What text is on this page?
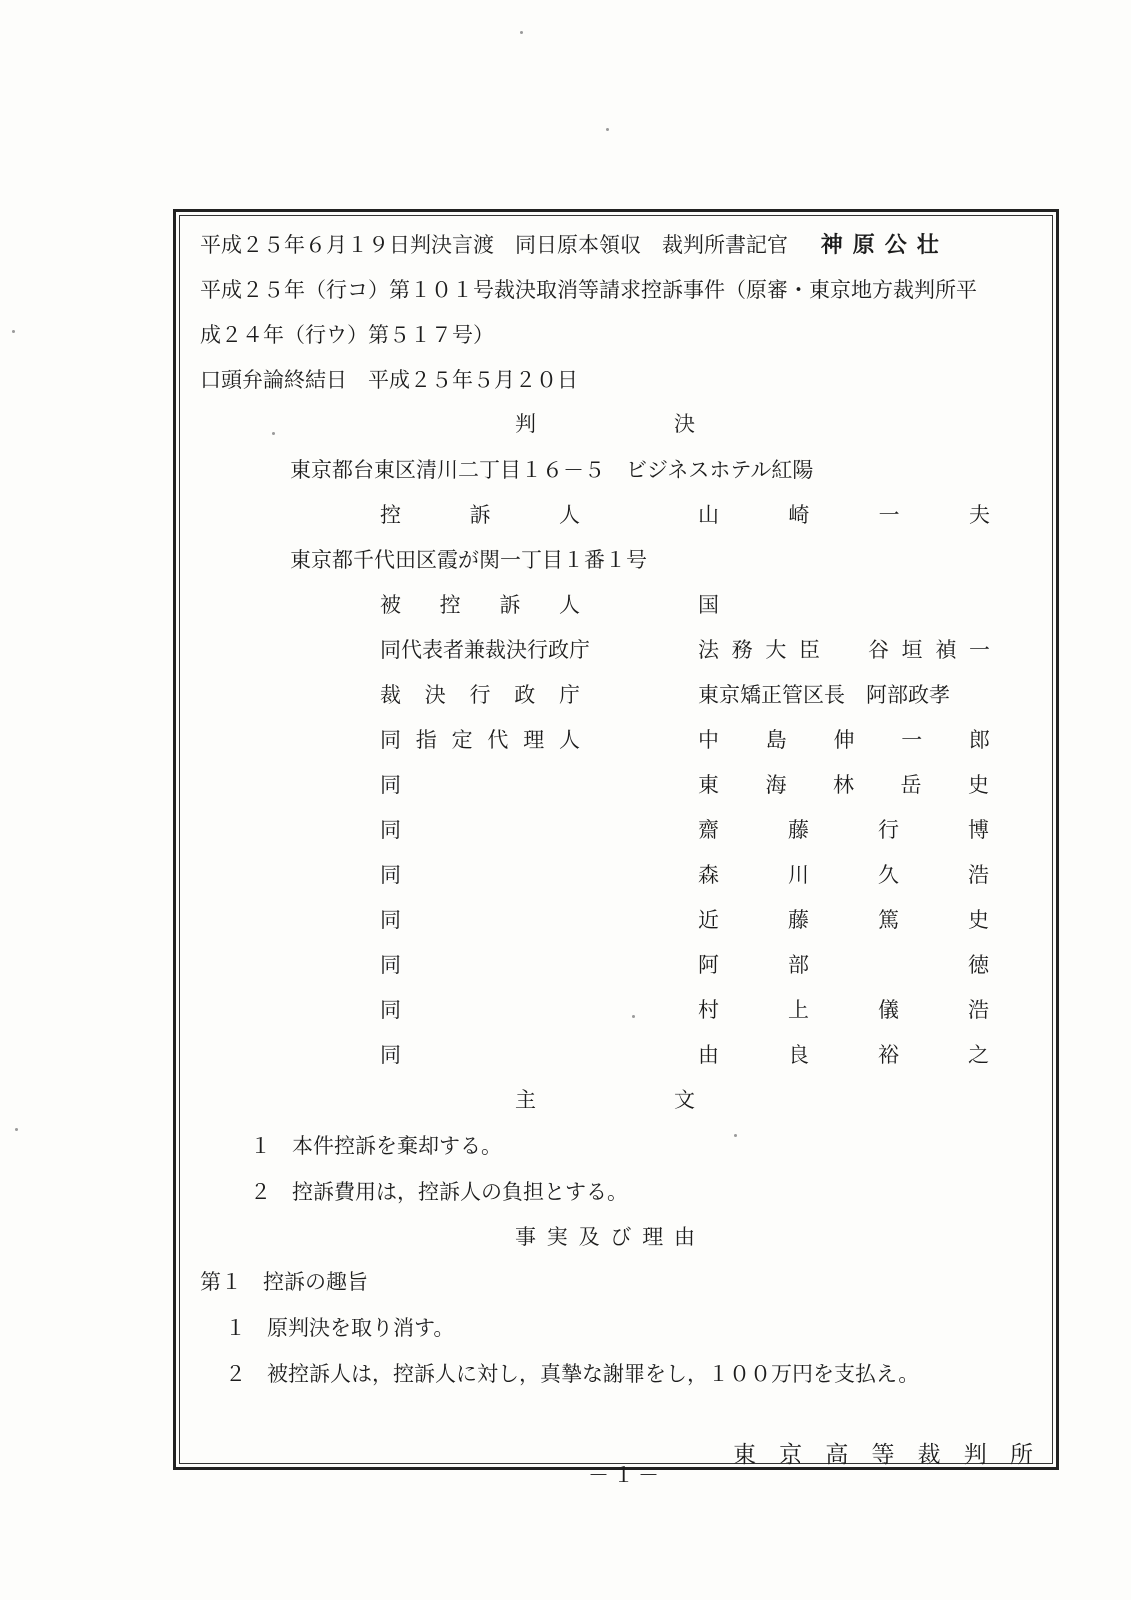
平成２５年６月１９日判決言渡　同日原本領収　裁判所書記官 神原公壮
平成２５年（行コ）第１０１号裁決取消等請求控訴事件（原審・東京地方裁判所平
成２４年（行ウ）第５１７号）
口頭弁論終結日　平成２５年５月２０日
判	決
東京都台東区清川二丁目１６－５　ビジネスホテル紅陽
控	訴	人	山	崎	一	夫
東京都千代田区霞が関一丁目１番１号
被 控 訴 人	国
同代表者兼裁決行政庁	法 務 大 臣 谷 垣 禎 一
裁 決 行 政 庁	東京矯正管区長　阿部政孝
同 指 定 代 理 人	中 島 伸 一 郎
同	東 海 林 岳 史
同	齋	藤	行	博
同	森	川	久	浩
同	近	藤	篤	史
同	阿	部	徳
同	村	上	儀	浩
同	由	良	裕	之
主	文
１　本件控訴を棄却する。
２　控訴費用は，控訴人の負担とする。
事 実 及 び 理 由
第１　控訴の趣旨
１　原判決を取り消す。
２　被控訴人は，控訴人に対し，真摯な謝罪をし，１００万円を支払え。
東 京 高 等 裁 判 所
－１－
